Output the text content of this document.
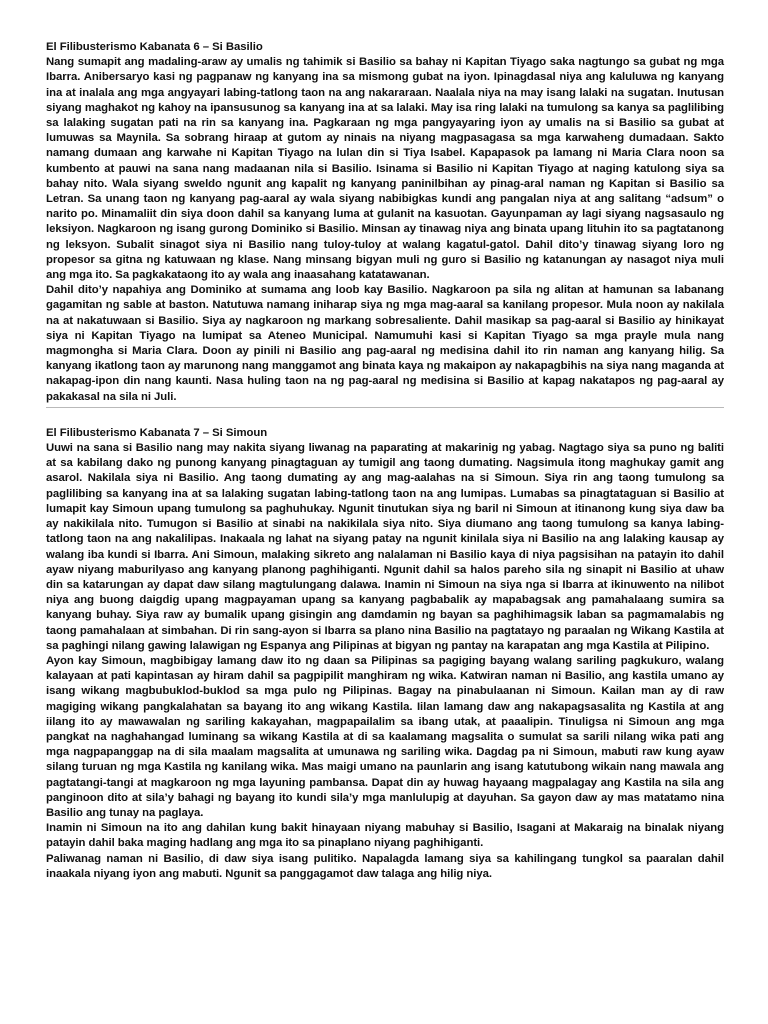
El Filibusterismo Kabanata 6 – Si Basilio

Nang sumapit ang madaling-araw ay umalis ng tahimik si Basilio sa bahay ni Kapitan Tiyago saka nagtungo sa gubat ng mga Ibarra. Anibersaryo kasi ng pagpanaw ng kanyang ina sa mismong gubat na iyon. Ipinagdasal niya ang kaluluwa ng kanyang ina at inalala ang mga angyayari labing-tatlong taon na ang nakararaan. Naalala niya na may isang lalaki na sugatan. Inutusan siyang maghakot ng kahoy na ipansusunog sa kanyang ina at sa lalaki. May isa ring lalaki na tumulong sa kanya sa paglilibing sa lalaking sugatan pati na rin sa kanyang ina. Pagkaraan ng mga pangyayaring iyon ay umalis na si Basilio sa gubat at lumuwas sa Maynila. Sa sobrang hiraap at gutom ay ninais na niyang magpasagasa sa mga karwaheng dumadaan. Sakto namang dumaan ang karwahe ni Kapitan Tiyago na lulan din si Tiya Isabel. Kapapasok pa lamang ni Maria Clara noon sa kumbento at pauwi na sana nang madaanan nila si Basilio. Isinama si Basilio ni Kapitan Tiyago at naging katulong siya sa bahay nito. Wala siyang sweldo ngunit ang kapalit ng kanyang paninilbihan ay pinag-aral naman ng Kapitan si Basilio sa Letran. Sa unang taon ng kanyang pag-aaral ay wala siyang nabibigkas kundi ang pangalan niya at ang salitang “adsum” o narito po. Minamaliit din siya doon dahil sa kanyang luma at gulanit na kasuotan. Gayunpaman ay lagi siyang nagsasaulo ng leksiyon. Nagkaroon ng isang gurong Dominiko si Basilio. Minsan ay tinawag niya ang binata upang lituhin ito sa pagtatanong ng leksyon. Subalit sinagot siya ni Basilio nang tuloy-tuloy at walang kagatul-gatol. Dahil dito’y tinawag siyang loro ng propesor sa gitna ng katuwaan ng klase. Nang minsang bigyan muli ng guro si Basilio ng katanungan ay nasagot niya muli ang mga ito. Sa pagkakataong ito ay wala ang inaasahang katatawanan.

Dahil dito’y napahiya ang Dominiko at sumama ang loob kay Basilio. Nagkaroon pa sila ng alitan at hamunan sa labanang gagamitan ng sable at baston. Natutuwa namang iniharap siya ng mga mag-aaral sa kanilang propesor. Mula noon ay nakilala na at nakatuwaan si Basilio. Siya ay nagkaroon ng markang sobresaliente. Dahil masikap sa pag-aaral si Basilio ay hinikayat siya ni Kapitan Tiyago na lumipat sa Ateneo Municipal. Namumuhi kasi si Kapitan Tiyago sa mga prayle mula nang magmongha si Maria Clara. Doon ay pinili ni Basilio ang pag-aaral ng medisina dahil ito rin naman ang kanyang hilig. Sa kanyang ikatlong taon ay marunong nang manggamot ang binata kaya ng makaipon ay nakapagbihis na siya nang maganda at nakapag-ipon din nang kaunti. Nasa huling taon na ng pag-aaral ng medisina si Basilio at kapag nakatapos ng pag-aaral ay pakakasal na sila ni Juli.

El Filibusterismo Kabanata 7 – Si Simoun

Uuwi na sana si Basilio nang may nakita siyang liwanag na paparating at makarinig ng yabag. Nagtago siya sa puno ng baliti at sa kabilang dako ng punong kanyang pinagtaguan ay tumigil ang taong dumating. Nagsimula itong maghukay gamit ang asarol. Nakilala siya ni Basilio. Ang taong dumating ay ang mag-aalahas na si Simoun. Siya rin ang taong tumulong sa paglilibing sa kanyang ina at sa lalaking sugatan labing-tatlong taon na ang lumipas. Lumabas sa pinagtataguan si Basilio at lumapit kay Simoun upang tumulong sa paghuhukay. Ngunit tinutukan siya ng baril ni Simoun at itinanong kung siya daw ba ay nakikilala nito. Tumugon si Basilio at sinabi na nakikilala siya nito. Siya diumano ang taong tumulong sa kanya labing-tatlong taon na ang nakalilipas. Inakaala ng lahat na siyang patay na ngunit kinilala siya ni Basilio na ang lalaking kausap ay walang iba kundi si Ibarra. Ani Simoun, malaking sikreto ang nalalaman ni Basilio kaya di niya pagsisihan na patayin ito dahil ayaw niyang maburilyaso ang kanyang planong paghihiganti. Ngunit dahil sa halos pareho sila ng sinapit ni Basilio at uhaw din sa katarungan ay dapat daw silang magtulungang dalawa. Inamin ni Simoun na siya nga si Ibarra at ikinuwento na nilibot niya ang buong daigdig upang magpayaman upang sa kanyang pagbabalik ay mapabagsak ang pamahalaang sumira sa kanyang buhay. Siya raw ay bumalik upang gisingin ang damdamin ng bayan sa paghihimagsik laban sa pagmamalabis ng taong pamahalaan at simbahan. Di rin sang-ayon si Ibarra sa plano nina Basilio na pagtatayo ng paraalan ng Wikang Kastila at sa paghingi nilang gawing lalawigan ng Espanya ang Pilipinas at bigyan ng pantay na karapatan ang mga Kastila at Pilipino.

Ayon kay Simoun, magbibigay lamang daw ito ng daan sa Pilipinas sa pagiging bayang walang sariling pagkukuro, walang kalayaan at pati kapintasan ay hiram dahil sa pagpipilit manghiram ng wika. Katwiran naman ni Basilio, ang kastila umano ay isang wikang magbubuklod-buklod sa mga pulo ng Pilipinas. Bagay na pinabulaanan ni Simoun. Kailan man ay di raw magiging wikang pangkalahatan sa bayang ito ang wikang Kastila. Iilan lamang daw ang nakapagsasalita ng Kastila at ang iilang ito ay mawawalan ng sariling kakayahan, magpapailalim sa ibang utak, at paaalipin. Tinuligsa ni Simoun ang mga pangkat na naghahangad luminang sa wikang Kastila at di sa kaalamang magsalita o sumulat sa sarili nilang wika pati ang mga nagpapanggap na di sila maalam magsalita at umunawa ng sariling wika. Dagdag pa ni Simoun, mabuti raw kung ayaw silang turuan ng mga Kastila ng kanilang wika. Mas maigi umano na paunlarin ang isang katutubong wikain nang mawala ang pagtatangi-tangi at magkaroon ng mga layuning pambansa. Dapat din ay huwag hayaang magpalagay ang Kastila na sila ang panginoon dito at sila’y bahagi ng bayang ito kundi sila’y mga manlulupig at dayuhan. Sa gayon daw ay mas matatamo nina Basilio ang tunay na paglaya.

Inamin ni Simoun na ito ang dahilan kung bakit hinayaan niyang mabuhay si Basilio, Isagani at Makaraig na binalak niyang patayin dahil baka maging hadlang ang mga ito sa pinaplano niyang paghihiganti.

Paliwanag naman ni Basilio, di daw siya isang pulitiko. Napalagda lamang siya sa kahilingang tungkol sa paaralan dahil inaakala niyang iyon ang mabuti. Ngunit sa panggagamot daw talaga ang hilig niya.
